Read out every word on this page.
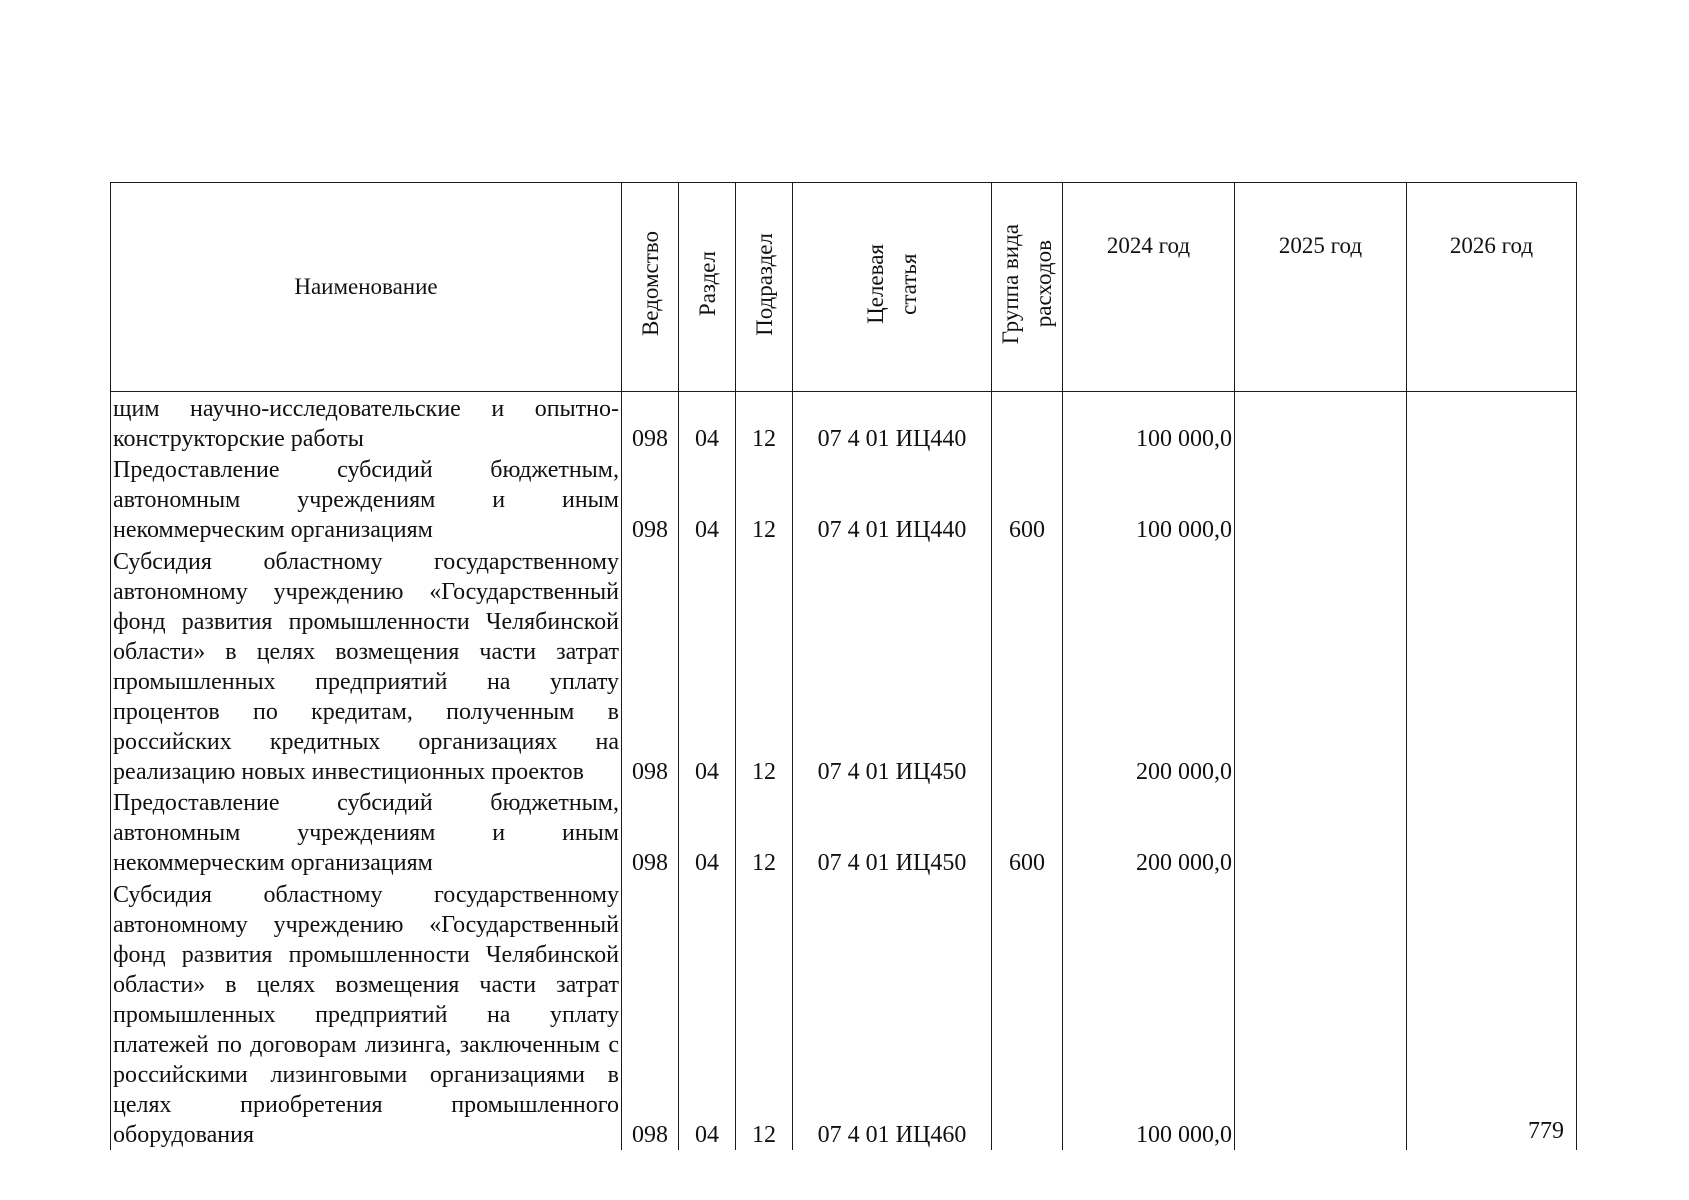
Наименование	Ведомство	Раздел	Подраздел	Целевая статья	Группа вида расходов	2024 год	2025 год	2026 год
щим научно-исследовательские и опытно-конструкторские работы	098	04	12	07 4 01 ИЦ440		100 000,0		
Предоставление субсидий бюджетным, автономным учреждениям и иным некоммерческим организациям	098	04	12	07 4 01 ИЦ440	600	100 000,0		
Субсидия областному государственному автономному учреждению «Государственный фонд развития промышленности Челябинской области» в целях возмещения части затрат промышленных предприятий на уплату процентов по кредитам, полученным в российских кредитных организациях на реализацию новых инвестиционных проектов	098	04	12	07 4 01 ИЦ450		200 000,0		
Предоставление субсидий бюджетным, автономным учреждениям и иным некоммерческим организациям	098	04	12	07 4 01 ИЦ450	600	200 000,0		
Субсидия областному государственному автономному учреждению «Государственный фонд развития промышленности Челябинской области» в целях возмещения части затрат промышленных предприятий на уплату платежей по договорам лизинга, заключенным с российскими лизинговыми организациями в целях приобретения промышленного оборудования	098	04	12	07 4 01 ИЦ460		100 000,0			779
